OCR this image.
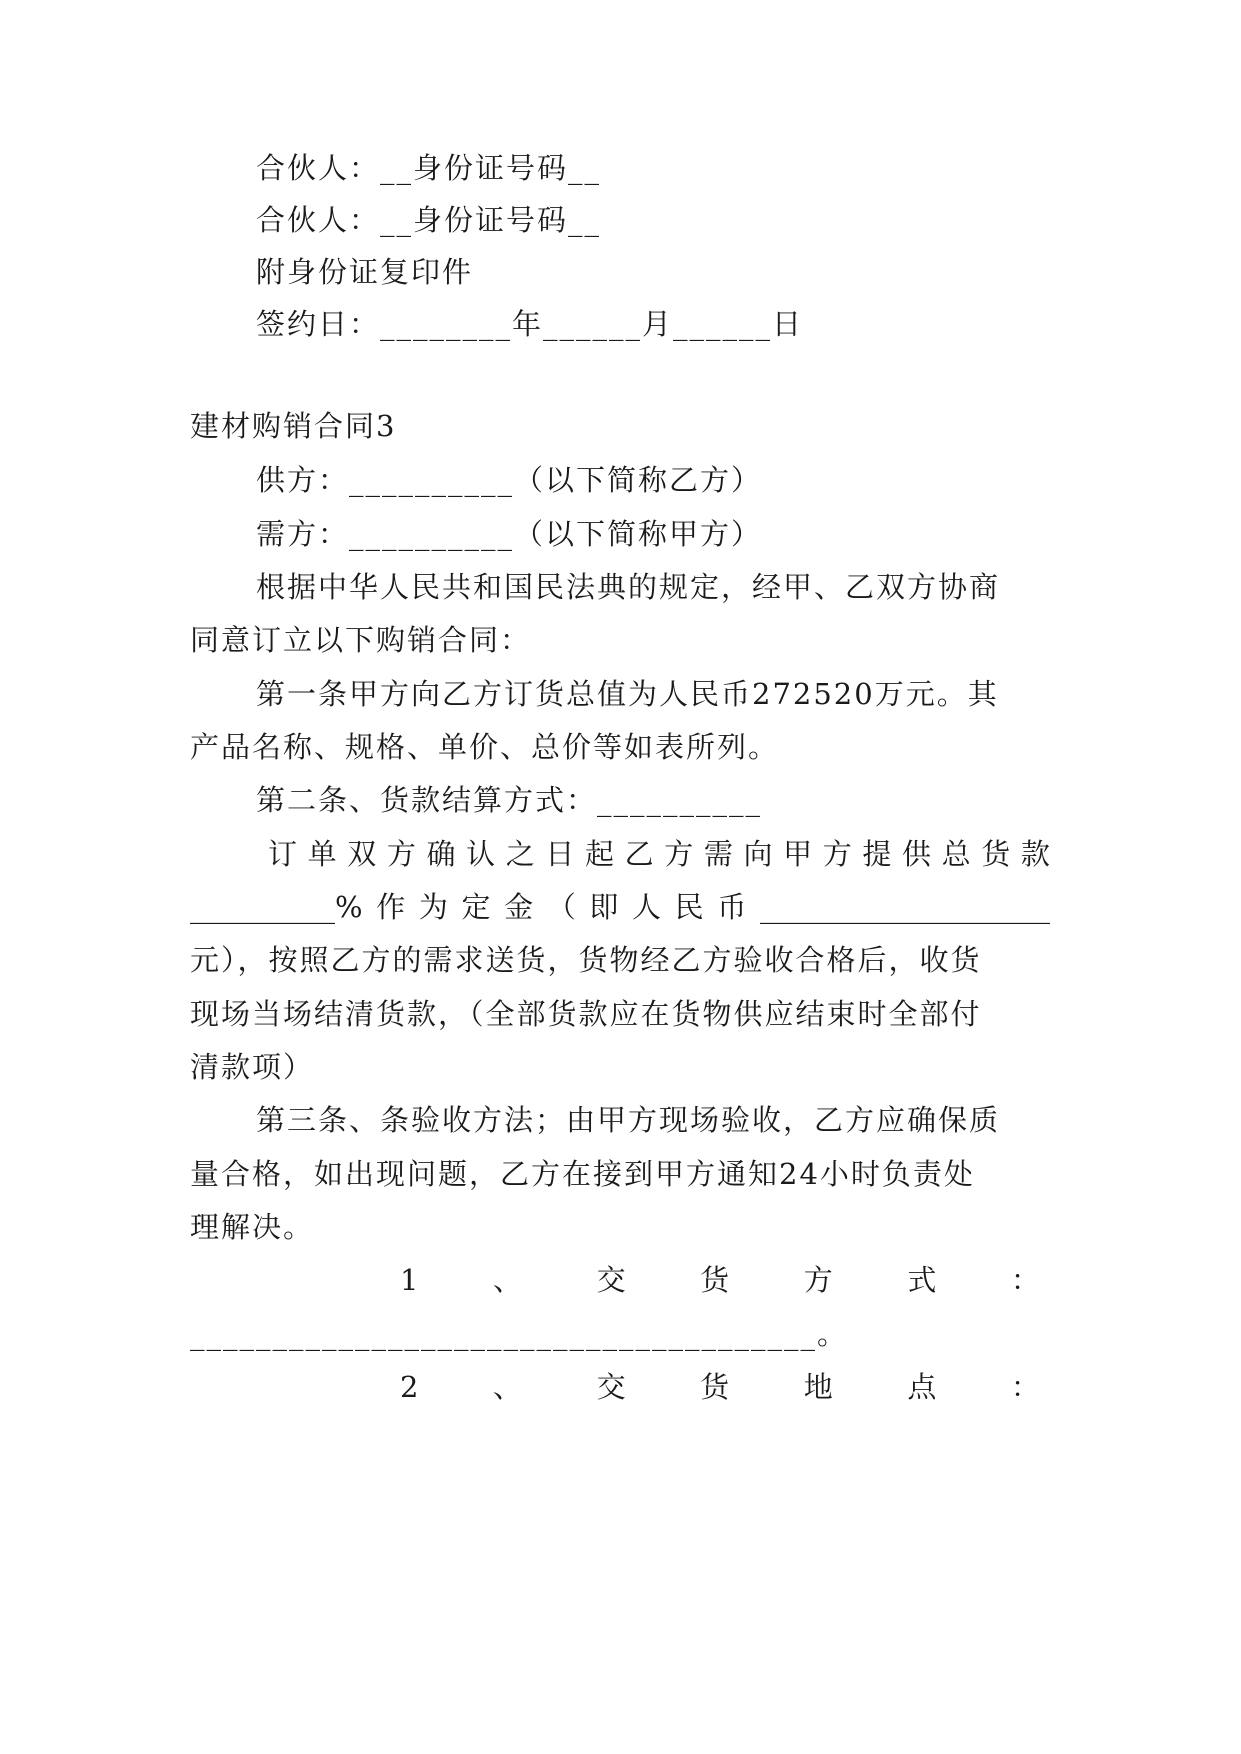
合伙人：__身份证号码__
合伙人：__身份证号码__
附身份证复印件
签约日：________年______月______日
建材购销合同3
供方：__________（以下简称乙方）
需方：__________（以下简称甲方）
根据中华人民共和国民法典的规定，经甲、乙双方协商
同意订立以下购销合同：
第一条甲方向乙方订货总值为人民币272520万元。其
产品名称、规格、单价、总价等如表所列。
第二条、货款结算方式：__________
订 单 双 方 确 认 之 日 起 乙 方 需 向 甲 方 提 供 总 货 款
__________% 作 为 定 金 （ 即 人 民 币 ____________________
元），按照乙方的需求送货，货物经乙方验收合格后，收货
现场当场结清货款，（全部货款应在货物供应结束时全部付
清款项）
第三条、条验收方法；由甲方现场验收，乙方应确保质
量合格，如出现问题，乙方在接到甲方通知24小时负责处
理解决。
1	、	交	货	方	式	：
______________________________________。
2	、	交	货	地	点	：
